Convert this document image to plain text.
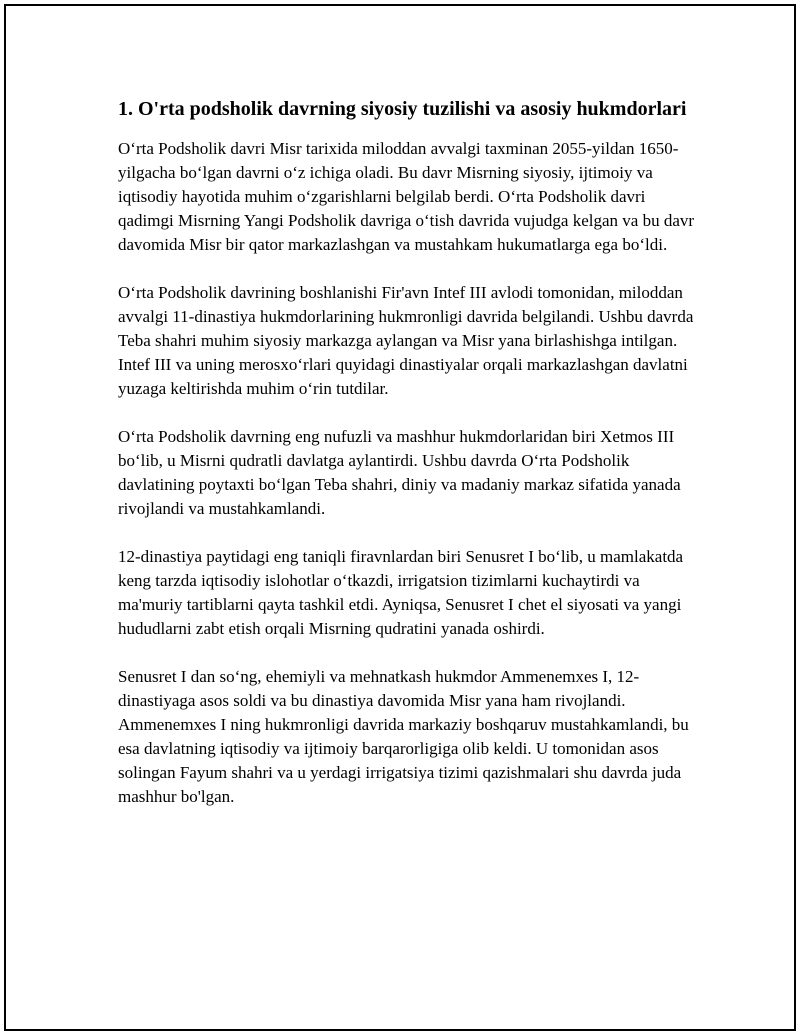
1. O'rta podsholik davrning siyosiy tuzilishi va asosiy hukmdorlari

O‘rta Podsholik davri Misr tarixida miloddan avvalgi taxminan 2055-yildan 1650-yilgacha bo‘lgan davrni o‘z ichiga oladi. Bu davr Misrning siyosiy, ijtimoiy va iqtisodiy hayotida muhim o‘zgarishlarni belgilab berdi. O‘rta Podsholik davri qadimgi Misrning Yangi Podsholik davriga o‘tish davrida vujudga kelgan va bu davr davomida Misr bir qator markazlashgan va mustahkam hukumatlarga ega bo‘ldi.

O‘rta Podsholik davrining boshlanishi Fir'avn Intef III avlodi tomonidan, miloddan avvalgi 11-dinastiya hukmdorlarining hukmronligi davrida belgilandi. Ushbu davrda Teba shahri muhim siyosiy markazga aylangan va Misr yana birlashishga intilgan. Intef III va uning merosxo‘rlari quyidagi dinastiyalar orqali markazlashgan davlatni yuzaga keltirishda muhim o‘rin tutdilar.

O‘rta Podsholik davrning eng nufuzli va mashhur hukmdorlaridan biri Xetmos III bo‘lib, u Misrni qudratli davlatga aylantirdi. Ushbu davrda O‘rta Podsholik davlatining poytaxti bo‘lgan Teba shahri, diniy va madaniy markaz sifatida yanada rivojlandi va mustahkamlandi.

12-dinastiya paytidagi eng taniqli firavnlardan biri Senusret I bo‘lib, u mamlakatda keng tarzda iqtisodiy islohotlar o‘tkazdi, irrigatsion tizimlarni kuchaytirdi va ma'muriy tartiblarni qayta tashkil etdi. Ayniqsa, Senusret I chet el siyosati va yangi hududlarni zabt etish orqali Misrning qudratini yanada oshirdi.

Senusret I dan so‘ng, ehemiyli va mehnatkash hukmdor Ammenemxes I, 12-dinastiyaga asos soldi va bu dinastiya davomida Misr yana ham rivojlandi. Ammenemxes I ning hukmronligi davrida markaziy boshqaruv mustahkamlandi, bu esa davlatning iqtisodiy va ijtimoiy barqarorligiga olib keldi. U tomonidan asos solingan Fayum shahri va u yerdagi irrigatsiya tizimi qazishmalari shu davrda juda mashhur bo'lgan.
